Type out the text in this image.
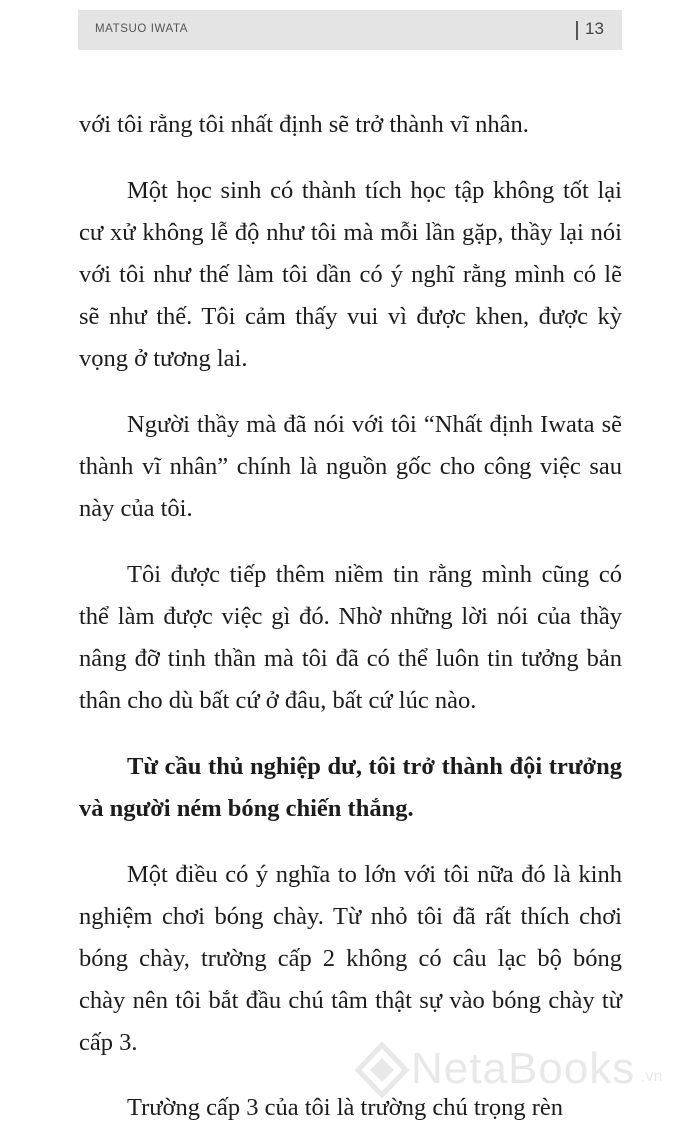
MATSUO IWATA	13

với tôi rằng tôi nhất định sẽ trở thành vĩ nhân.

Một học sinh có thành tích học tập không tốt lại cư xử không lễ độ như tôi mà mỗi lần gặp, thầy lại nói với tôi như thế làm tôi dần có ý nghĩ rằng mình có lẽ sẽ như thế. Tôi cảm thấy vui vì được khen, được kỳ vọng ở tương lai.

Người thầy mà đã nói với tôi “Nhất định Iwata sẽ thành vĩ nhân” chính là nguồn gốc cho công việc sau này của tôi.

Tôi được tiếp thêm niềm tin rằng mình cũng có thể làm được việc gì đó. Nhờ những lời nói của thầy nâng đỡ tinh thần mà tôi đã có thể luôn tin tưởng bản thân cho dù bất cứ ở đâu, bất cứ lúc nào.

Từ cầu thủ nghiệp dư, tôi trở thành đội trưởng và người ném bóng chiến thắng.

Một điều có ý nghĩa to lớn với tôi nữa đó là kinh nghiệm chơi bóng chày. Từ nhỏ tôi đã rất thích chơi bóng chày, trường cấp 2 không có câu lạc bộ bóng chày nên tôi bắt đầu chú tâm thật sự vào bóng chày từ cấp 3.

Trường cấp 3 của tôi là trường chú trọng rèn

NetaBooks .vn
